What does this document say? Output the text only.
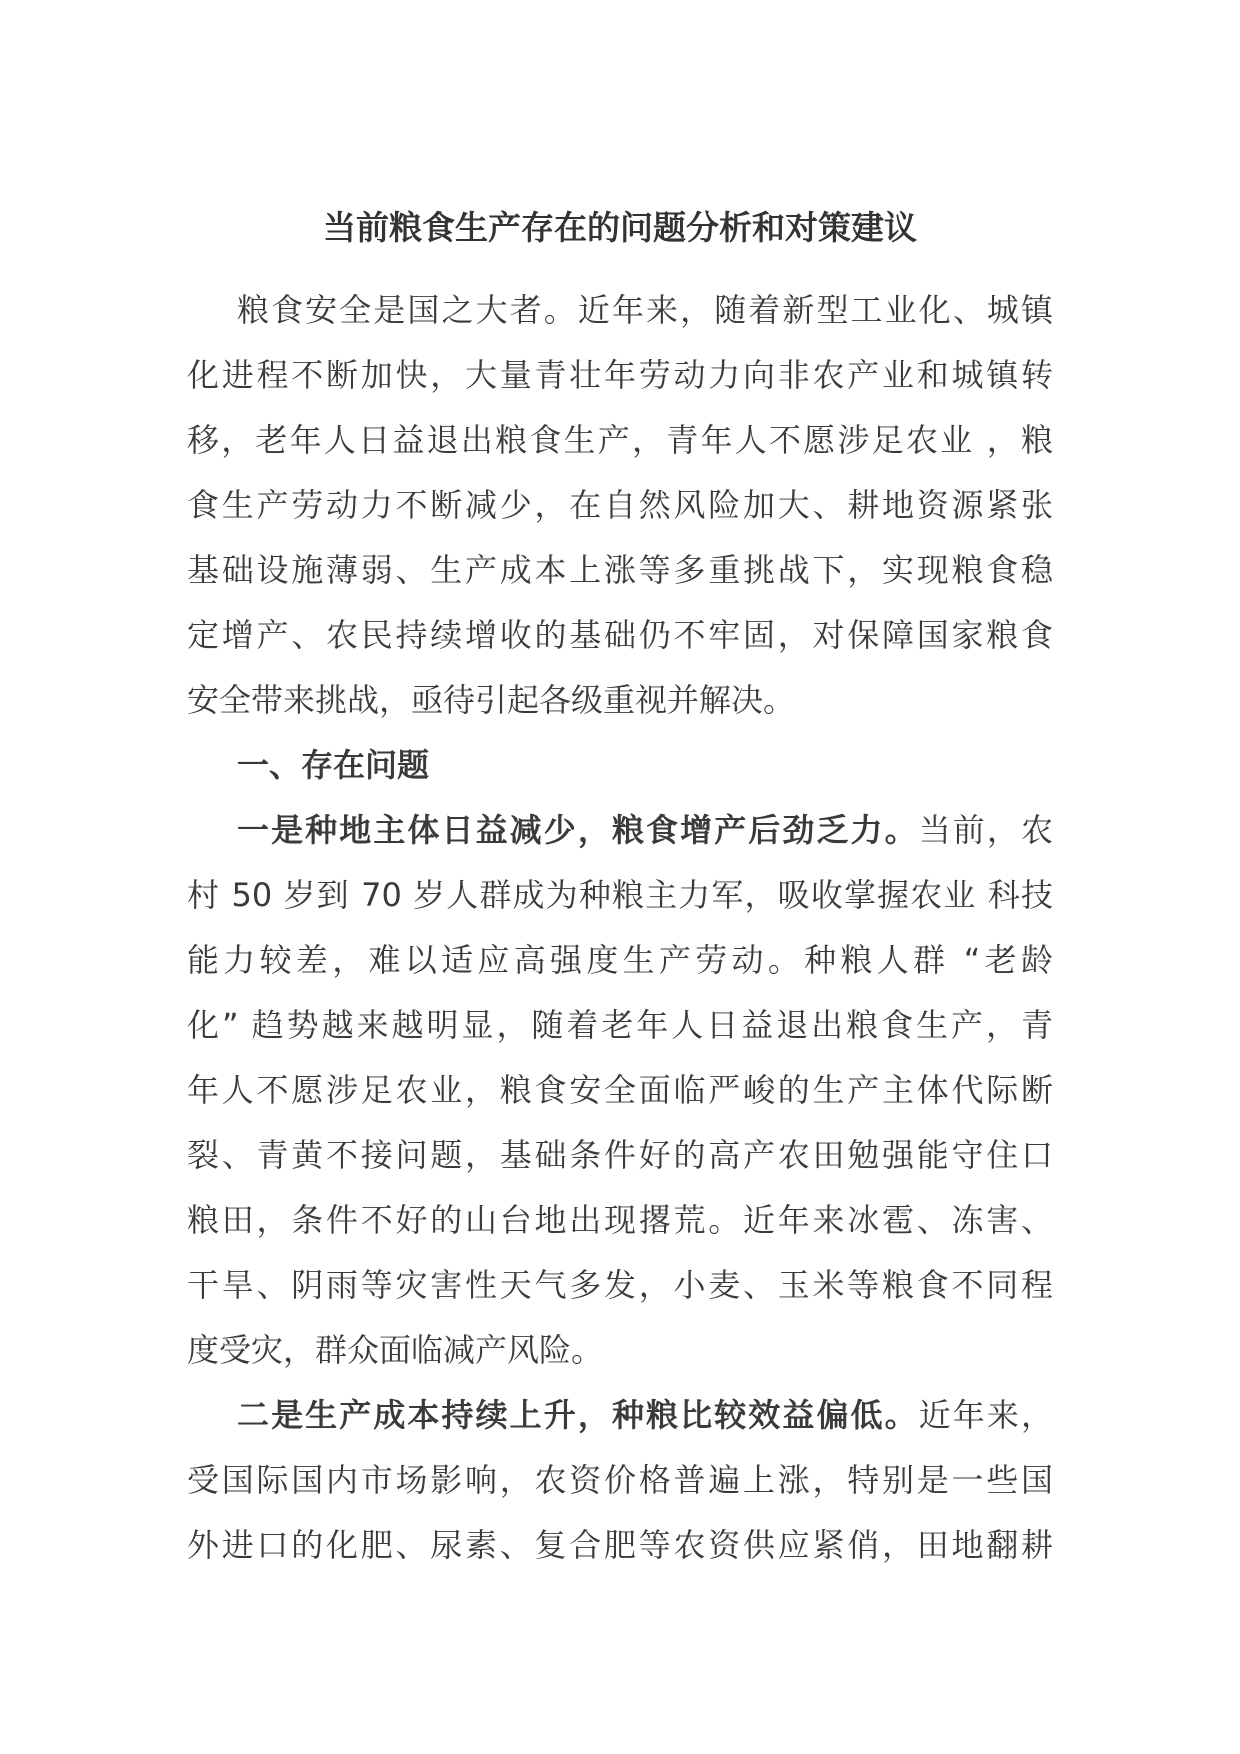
当前粮食生产存在的问题分析和对策建议
粮食安全是国之大者。近年来，随着新型工业化、城镇
化进程不断加快，大量青壮年劳动力向非农产业和城镇转
移，老年人日益退出粮食生产，青年人不愿涉足农业 ，粮
食生产劳动力不断减少，在自然风险加大、耕地资源紧张
基础设施薄弱、生产成本上涨等多重挑战下，实现粮食稳
定增产、农民持续增收的基础仍不牢固，对保障国家粮食
安全带来挑战，亟待引起各级重视并解决。
一、存在问题
一是种地主体日益减少，粮食增产后劲乏力。当前，农
村 50 岁到 70 岁人群成为种粮主力军，吸收掌握农业 科技
能力较差，难以适应高强度生产劳动。种粮人群 “老龄
化” 趋势越来越明显，随着老年人日益退出粮食生产，青
年人不愿涉足农业，粮食安全面临严峻的生产主体代际断
裂、青黄不接问题，基础条件好的高产农田勉强能守住口
粮田，条件不好的山台地出现撂荒。近年来冰雹、冻害、
干旱、阴雨等灾害性天气多发，小麦、玉米等粮食不同程
度受灾，群众面临减产风险。
二是生产成本持续上升，种粮比较效益偏低。近年来，
受国际国内市场影响，农资价格普遍上涨，特别是一些国
外进口的化肥、尿素、复合肥等农资供应紧俏，田地翻耕
